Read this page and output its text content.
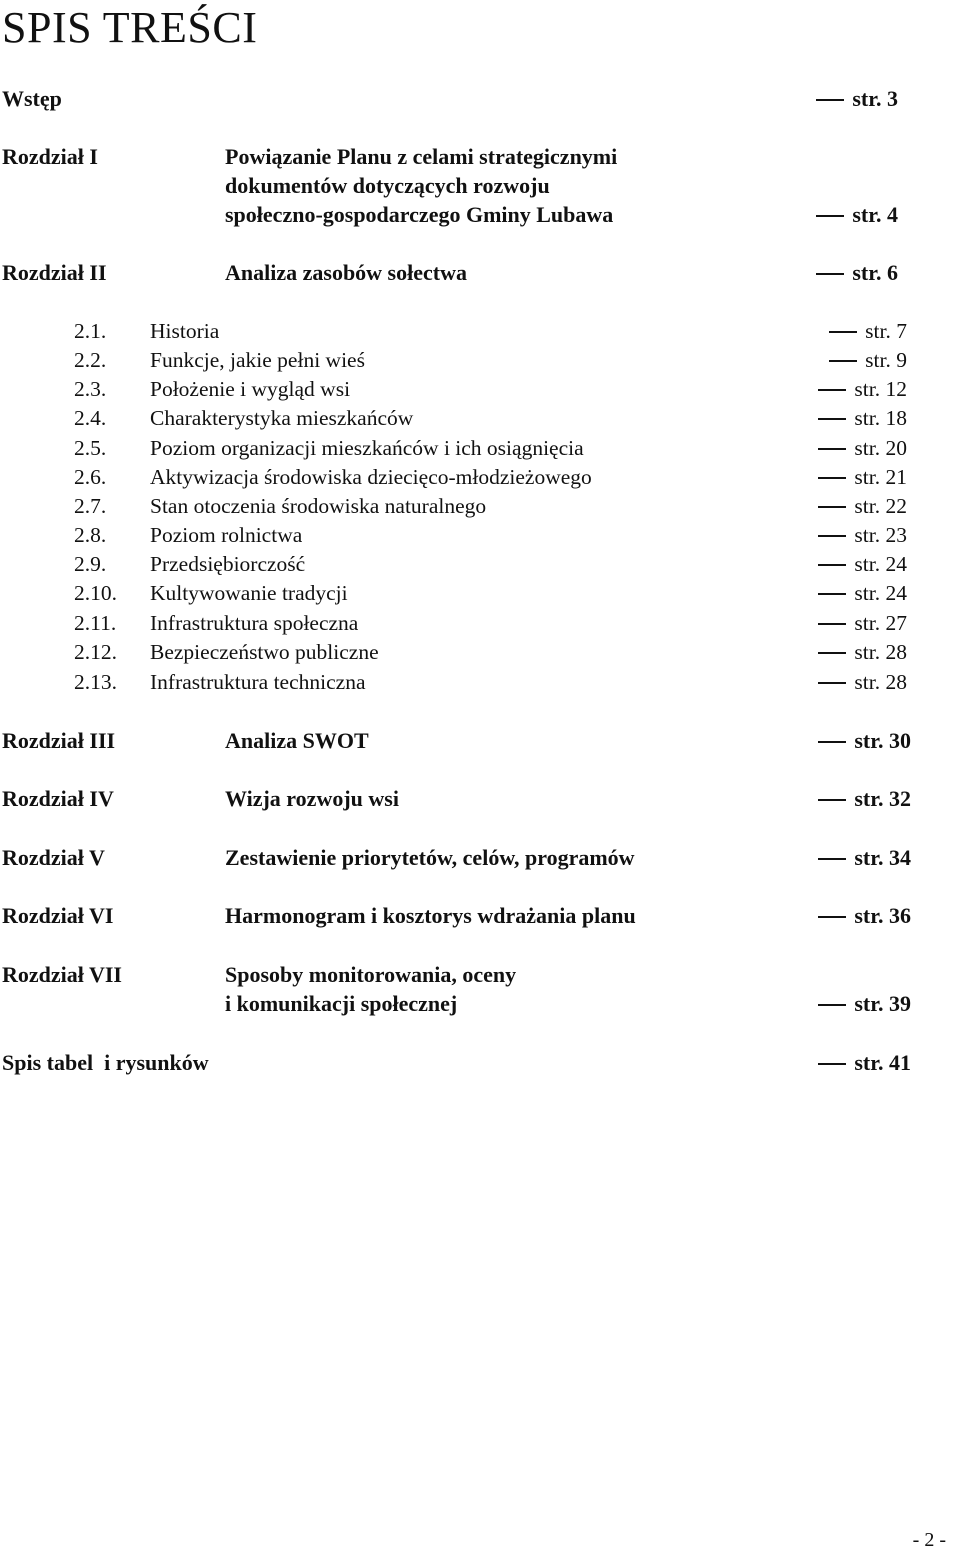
SPIS TREŚCI
Wstęp	str. 3
Rozdział I	Powiązanie Planu z celami strategicznymi
dokumentów dotyczących rozwoju
społeczno-gospodarczego Gminy Lubawa	str. 4
Rozdział II	Analiza zasobów sołectwa	str. 6
2.1. Historia	str. 7
2.2. Funkcje, jakie pełni wieś	str. 9
2.3. Położenie i wygląd wsi	str. 12
2.4. Charakterystyka mieszkańców	str. 18
2.5. Poziom organizacji mieszkańców i ich osiągnięcia	str. 20
2.6. Aktywizacja środowiska dziecięco-młodzieżowego	str. 21
2.7. Stan otoczenia środowiska naturalnego	str. 22
2.8. Poziom rolnictwa	str. 23
2.9. Przedsiębiorczość	str. 24
2.10. Kultywowanie tradycji	str. 24
2.11. Infrastruktura społeczna	str. 27
2.12. Bezpieczeństwo publiczne	str. 28
2.13. Infrastruktura techniczna	str. 28
Rozdział III	Analiza SWOT	str. 30
Rozdział IV	Wizja rozwoju wsi	str. 32
Rozdział V	Zestawienie priorytetów, celów, programów	str. 34
Rozdział VI	Harmonogram i kosztorys wdrażania planu	str. 36
Rozdział VII	Sposoby monitorowania, oceny
i komunikacji społecznej	str. 39
Spis tabel  i rysunków	str. 41
- 2 -
